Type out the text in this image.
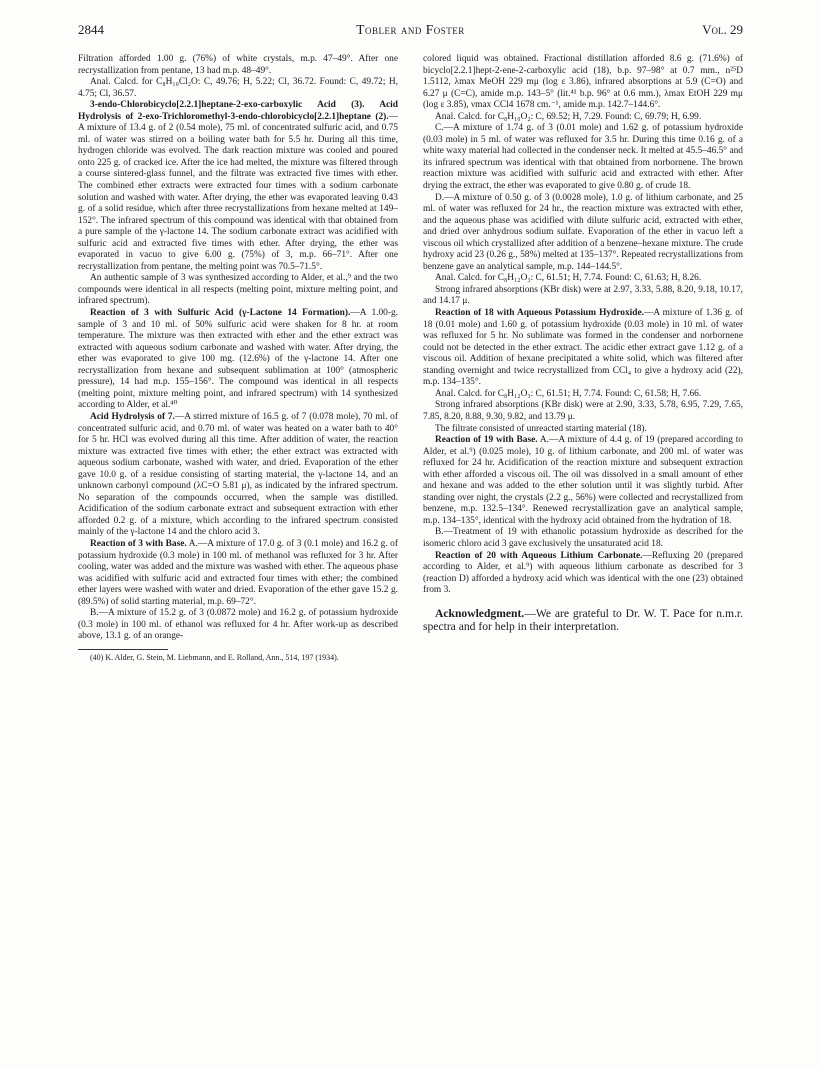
2844	Tobler and Foster	Vol. 29

Filtration afforded 1.00 g. (76%) of white crystals, m.p. 47–49°. After one recrystallization from pentane, 13 had m.p. 48–49°.

Anal. Calcd. for C₈H₁₀Cl₂O: C, 49.76; H, 5.22; Cl, 36.72. Found: C, 49.72; H, 4.75; Cl, 36.57.

3-endo-Chlorobicyclo[2.2.1]heptane-2-exo-carboxylic Acid (3). Acid Hydrolysis of 2-exo-Trichloromethyl-3-endo-chlorobicyclo[2.2.1]heptane (2).—A mixture of 13.4 g. of 2 (0.54 mole), 75 ml. of concentrated sulfuric acid, and 0.75 ml. of water was stirred on a boiling water bath for 5.5 hr. During all this time, hydrogen chloride was evolved. The dark reaction mixture was cooled and poured onto 225 g. of cracked ice. After the ice had melted, the mixture was filtered through a course sintered-glass funnel, and the filtrate was extracted five times with ether. The combined ether extracts were extracted four times with a sodium carbonate solution and washed with water. After drying, the ether was evaporated leaving 0.43 g. of a solid residue, which after three recrystallizations from hexane melted at 149–152°. The infrared spectrum of this compound was identical with that obtained from a pure sample of the γ-lactone 14. The sodium carbonate extract was acidified with sulfuric acid and extracted five times with ether. After drying, the ether was evaporated in vacuo to give 6.00 g. (75%) of 3, m.p. 66–71°. After one recrystallization from pentane, the melting point was 70.5–71.5°.

An authentic sample of 3 was synthesized according to Alder, et al.,⁹ and the two compounds were identical in all respects (melting point, mixture melting point, and infrared spectrum).

Reaction of 3 with Sulfuric Acid (γ-Lactone 14 Formation).—A 1.00-g. sample of 3 and 10 ml. of 50% sulfuric acid were shaken for 8 hr. at room temperature. The mixture was then extracted with ether and the ether extract was extracted with aqueous sodium carbonate and washed with water. After drying, the ether was evaporated to give 100 mg. (12.6%) of the γ-lactone 14. After one recrystallization from hexane and subsequent sublimation at 100° (atmospheric pressure), 14 had m.p. 155–156°. The compound was identical in all respects (melting point, mixture melting point, and infrared spectrum) with 14 synthesized according to Alder, et al.⁴⁰

Acid Hydrolysis of 7.—A stirred mixture of 16.5 g. of 7 (0.078 mole), 70 ml. of concentrated sulfuric acid, and 0.70 ml. of water was heated on a water bath to 40° for 5 hr. HCl was evolved during all this time. After addition of water, the reaction mixture was extracted five times with ether; the ether extract was extracted with aqueous sodium carbonate, washed with water, and dried. Evaporation of the ether gave 10.0 g. of a residue consisting of starting material, the γ-lactone 14, and an unknown carbonyl compound (λC=O 5.81 μ), as indicated by the infrared spectrum. No separation of the compounds occurred, when the sample was distilled. Acidification of the sodium carbonate extract and subsequent extraction with ether afforded 0.2 g. of a mixture, which according to the infrared spectrum consisted mainly of the γ-lactone 14 and the chloro acid 3.

Reaction of 3 with Base. A.—A mixture of 17.0 g. of 3 (0.1 mole) and 16.2 g. of potassium hydroxide (0.3 mole) in 100 ml. of methanol was refluxed for 3 hr. After cooling, water was added and the mixture was washed with ether. The aqueous phase was acidified with sulfuric acid and extracted four times with ether; the combined ether layers were washed with water and dried. Evaporation of the ether gave 15.2 g. (89.5%) of solid starting material, m.p. 69–72°.

B.—A mixture of 15.2 g. of 3 (0.0872 mole) and 16.2 g. of potassium hydroxide (0.3 mole) in 100 ml. of ethanol was refluxed for 4 hr. After work-up as described above, 13.1 g. of an orange-

(40) K. Alder, G. Stein, M. Liebmann, and E. Rolland, Ann., 514, 197 (1934).

colored liquid was obtained. Fractional distillation afforded 8.6 g. (71.6%) of bicyclo[2.2.1]hept-2-ene-2-carboxylic acid (18), b.p. 97–98° at 0.7 mm., n²⁵D 1.5112, λmax MeOH 229 mμ (log ε 3.86), infrared absorptions at 5.9 (C=O) and 6.27 μ (C=C), amide m.p. 143–5° (lit.⁴¹ b.p. 96° at 0.6 mm.), λmax EtOH 229 mμ (log ε 3.85), νmax CCl4 1678 cm.⁻¹, amide m.p. 142.7–144.6°.

Anal. Calcd. for C₈H₁₀O₂: C, 69.52; H, 7.29. Found: C, 69.79; H, 6.99.

C.—A mixture of 1.74 g. of 3 (0.01 mole) and 1.62 g. of potassium hydroxide (0.03 mole) in 5 ml. of water was refluxed for 3.5 hr. During this time 0.16 g. of a white waxy material had collected in the condenser neck. It melted at 45.5–46.5° and its infrared spectrum was identical with that obtained from norbornene. The brown reaction mixture was acidified with sulfuric acid and extracted with ether. After drying the extract, the ether was evaporated to give 0.80 g. of crude 18.

D.—A mixture of 0.50 g. of 3 (0.0028 mole), 1.0 g. of lithium carbonate, and 25 ml. of water was refluxed for 24 hr., the reaction mixture was extracted with ether, and the aqueous phase was acidified with dilute sulfuric acid, extracted with ether, and dried over anhydrous sodium sulfate. Evaporation of the ether in vacuo left a viscous oil which crystallized after addition of a benzene–hexane mixture. The crude hydroxy acid 23 (0.26 g., 58%) melted at 135–137°. Repeated recrystallizations from benzene gave an analytical sample, m.p. 144–144.5°.

Anal. Calcd. for C₈H₁₂O₃: C, 61.51; H, 7.74. Found: C, 61.63; H, 8.26.

Strong infrared absorptions (KBr disk) were at 2.97, 3.33, 5.88, 8.20, 9.18, 10.17, and 14.17 μ.

Reaction of 18 with Aqueous Potassium Hydroxide.—A mixture of 1.36 g. of 18 (0.01 mole) and 1.60 g. of potassium hydroxide (0.03 mole) in 10 ml. of water was refluxed for 5 hr. No sublimate was formed in the condenser and norbornene could not be detected in the ether extract. The acidic ether extract gave 1.12 g. of a viscous oil. Addition of hexane precipitated a white solid, which was filtered after standing overnight and twice recrystallized from CCl₄ to give a hydroxy acid (22), m.p. 134–135°.

Anal. Calcd. for C₈H₁₂O₃: C, 61.51; H, 7.74. Found: C, 61.58; H, 7.66.

Strong infrared absorptions (KBr disk) were at 2.90, 3.33, 5.78, 6.95, 7.29, 7.65, 7.85, 8.20, 8.88, 9.30, 9.82, and 13.79 μ.

The filtrate consisted of unreacted starting material (18).

Reaction of 19 with Base. A.—A mixture of 4.4 g. of 19 (prepared according to Alder, et al.⁹) (0.025 mole), 10 g. of lithium carbonate, and 200 ml. of water was refluxed for 24 hr. Acidification of the reaction mixture and subsequent extraction with ether afforded a viscous oil. The oil was dissolved in a small amount of ether and hexane and was added to the ether solution until it was slightly turbid. After standing over night, the crystals (2.2 g., 56%) were collected and recrystallized from benzene, m.p. 132.5–134°. Renewed recrystallization gave an analytical sample, m.p. 134–135°, identical with the hydroxy acid obtained from the hydration of 18.

B.—Treatment of 19 with ethanolic potassium hydroxide as described for the isomeric chloro acid 3 gave exclusively the unsaturated acid 18.

Reaction of 20 with Aqueous Lithium Carbonate.—Refluxing 20 (prepared according to Alder, et al.⁹) with aqueous lithium carbonate as described for 3 (reaction D) afforded a hydroxy acid which was identical with the one (23) obtained from 3.

Acknowledgment.—We are grateful to Dr. W. T. Pace for n.m.r. spectra and for help in their interpretation.
